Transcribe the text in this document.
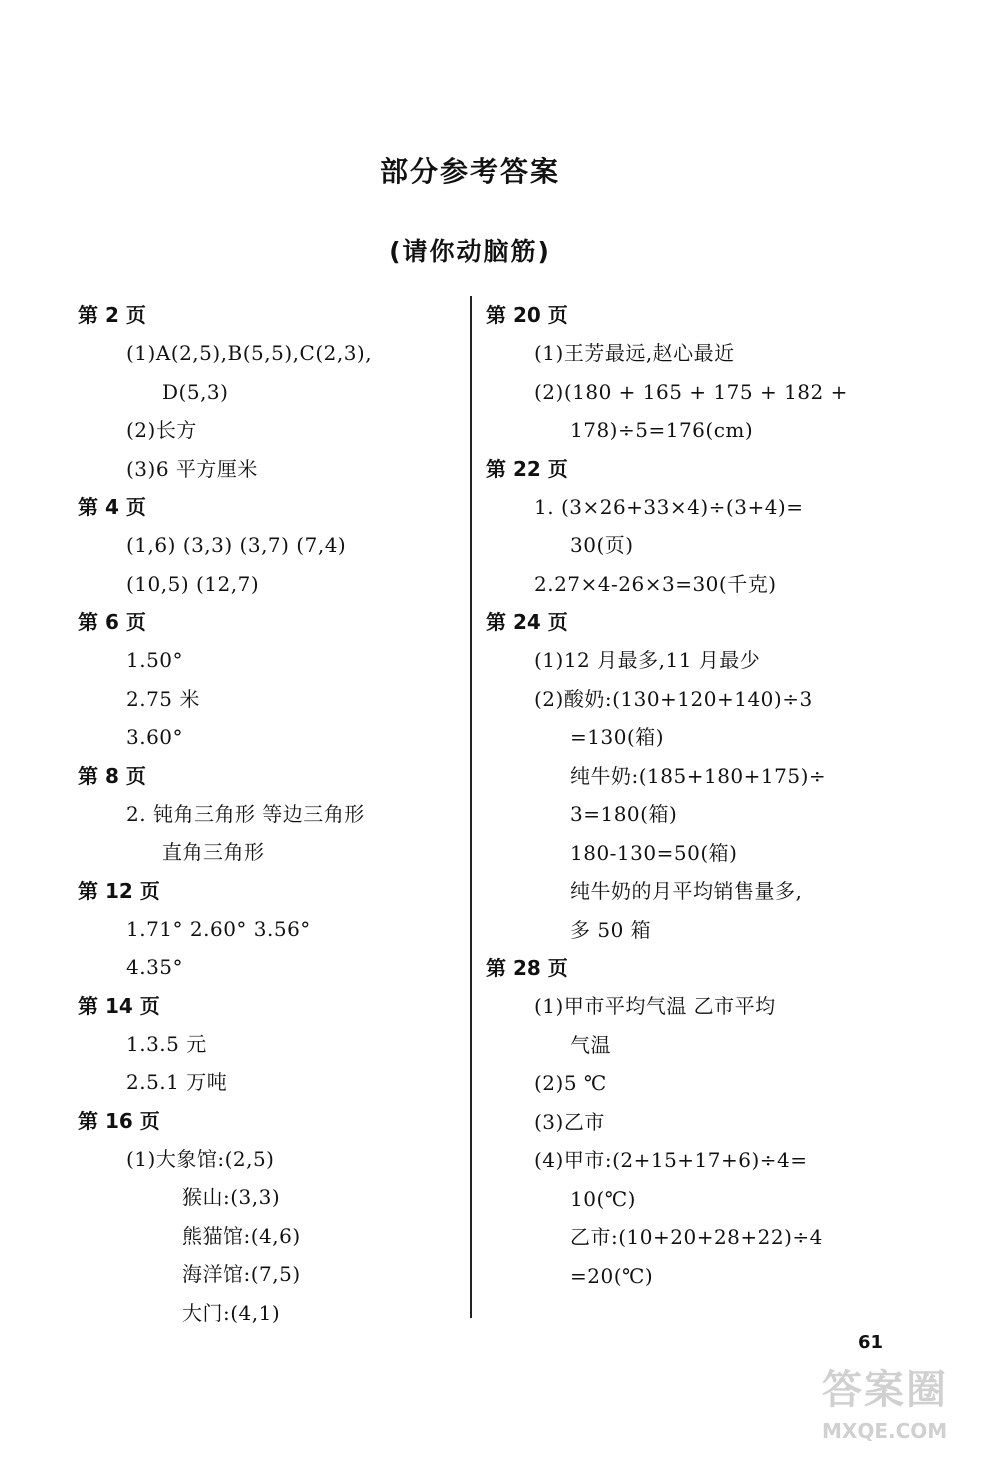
部分参考答案
(请你动脑筋)
第 2 页
(1)A(2,5),B(5,5),C(2,3),
D(5,3)
(2)长方
(3)6 平方厘米
第 4 页
(1,6) (3,3) (3,7) (7,4)
(10,5) (12,7)
第 6 页
1.50°
2.75 米
3.60°
第 8 页
2. 钝角三角形 等边三角形
直角三角形
第 12 页
1.71° 2.60° 3.56°
4.35°
第 14 页
1.3.5 元
2.5.1 万吨
第 16 页
(1)大象馆:(2,5)
猴山:(3,3)
熊猫馆:(4,6)
海洋馆:(7,5)
大门:(4,1)
第 20 页
(1)王芳最远,赵心最近
(2)(180 + 165 + 175 + 182 +
178)÷5=176(cm)
第 22 页
1. (3×26+33×4)÷(3+4)=
30(页)
2.27×4-26×3=30(千克)
第 24 页
(1)12 月最多,11 月最少
(2)酸奶:(130+120+140)÷3
=130(箱)
纯牛奶:(185+180+175)÷
3=180(箱)
180-130=50(箱)
纯牛奶的月平均销售量多,
多 50 箱
第 28 页
(1)甲市平均气温 乙市平均
气温
(2)5 ℃
(3)乙市
(4)甲市:(2+15+17+6)÷4=
10(℃)
乙市:(10+20+28+22)÷4
=20(℃)
61
答案圈
MXQE.COM
